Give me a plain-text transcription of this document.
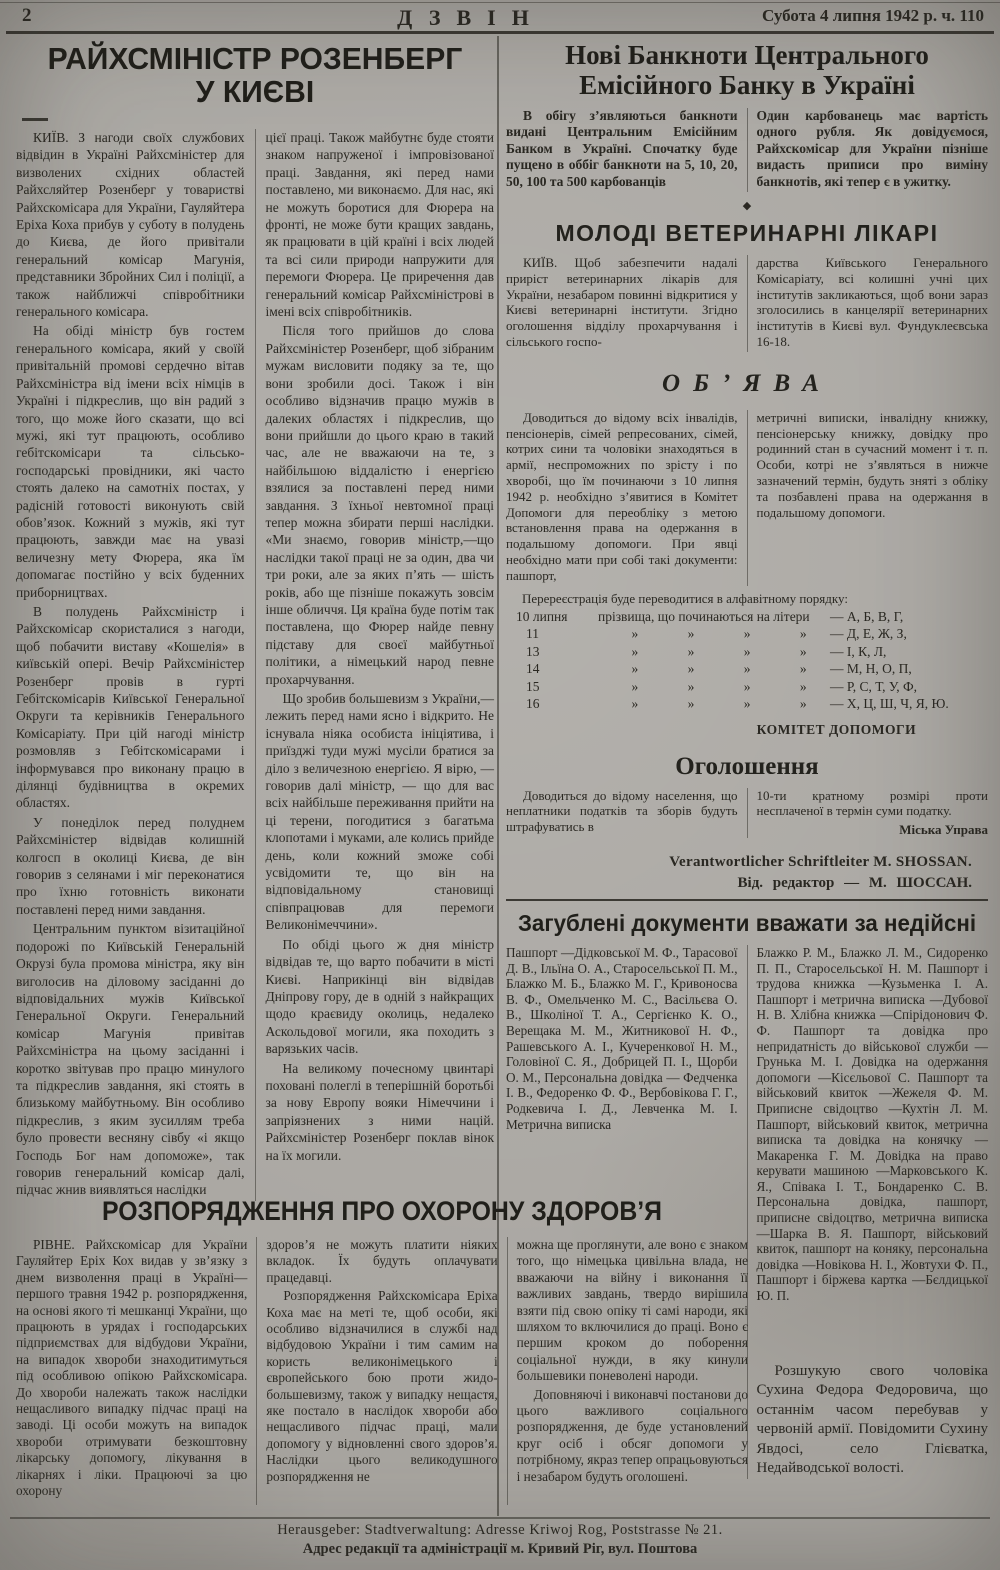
2	ДЗВІН	Субота 4 липня 1942 р. ч. 110
РАЙХСМІНІСТР РОЗЕНБЕРГ
У КИЄВІ

КИЇВ. З нагоди своїх службових відвідин в Україні Райхсміністер для визволених східних областей Райхсляйтер Розенберг у товаристві Райхскомісара для України, Гауляйтера Еріха Коха прибув у суботу в полудень до Києва, де його привітали генеральний комісар Магунія, представники Збройних Сил і поліції, а також найближчі співробітники генерального комісара.

На обіді міністр був гостем генерального комісара, який у своїй привітальній промові сердечно вітав Райхсміністра від імени всіх німців в Україні і підкреслив, що він радий з того, що може його сказати, що всі мужі, які тут працюють, особливо гебітскомісари та сільсько-господарські провідники, які часто стоять далеко на самотніх постах, у радісній готовості виконують свій обов’язок. Кожний з мужів, які тут працюють, завжди має на увазі величезну мету Фюрера, яка їм допомагає постійно у всіх буденних приборництвах.

В полудень Райхсміністр і Райхскомісар скористалися з нагоди, щоб побачити виставу «Кошелія» в київській опері. Вечір Райхсміністер Розенберг провів в гурті Гебітскомісарів Київської Генеральної Округи та керівників Генерального Комісаріату. При цій нагоді міністр розмовляв з Гебітскомісарами і інформувався про виконану працю в ділянці будівництва в окремих областях.

У понеділок перед полуднем Райхсміністер відвідав колишній колгосп в околиці Києва, де він говорив з селянами і міг переконатися про їхню готовність виконати поставлені перед ними завдання.

Центральним пунктом візитаційної подорожі по Київській Генеральній Окрузі була промова міністра, яку він виголосив на діловому засіданні до відповідальних мужів Київської Генеральної Округи. Генеральний комісар Магунія привітав Райхсміністра на цьому засіданні і коротко звітував про працю минулого та підкреслив завдання, які стоять в близькому майбутньому. Він особливо підкреслив, з яким зусиллям треба було провести весняну сівбу «і якщо Господь Бог нам допоможе», так говорив генеральний комісар далі, підчас жнив виявляться наслідки

цієї праці. Також майбутнє буде стояти знаком напруженої і імпровізованої праці. Завдання, які перед нами поставлено, ми виконаємо. Для нас, які не можуть боротися для Фюрера на фронті, не може бути кращих завдань, як працювати в цій країні і всіх людей та всі сили природи напружити для перемоги Фюрера. Це приречення дав генеральний комісар Райхсміністрові в імені всіх співробітників.

Після того прийшов до слова Райхсміністер Розенберг, щоб зібраним мужам висловити подяку за те, що вони зробили досі. Також і він особливо відзначив працю мужів в далеких областях і підкреслив, що вони прийшли до цього краю в такий час, але не вважаючи на те, з найбільшою віддалістю і енергією взялися за поставлені перед ними завдання. З їхньої невтомної праці тепер можна збирати перші наслідки. «Ми знаємо, говорив міністр,—що наслідки такої праці не за один, два чи три роки, але за яких п’ять — шість років, або ще пізніше покажуть зовсім інше обличчя. Ця країна буде потім так поставлена, що Фюрер найде певну підставу для своєї майбутньої політики, а німецький народ певне прохарчування.

Що зробив большевизм з України,—лежить перед нами ясно і відкрито. Не існувала ніяка особиста ініціятива, і приїзджі туди мужі мусіли братися за діло з величезною енергією. Я вірю, — говорив далі міністр, — що для вас всіх найбільше переживання прийти на ці терени, погодитися з багатьма клопотами і муками, але колись прийде день, коли кожний зможе собі усвідомити те, що він на відповідальному становищі співпрацював для перемоги Великонімеччини».

По обіді цього ж дня міністр відвідав те, що варто побачити в місті Києві. Наприкінці він відвідав Дніпрову гору, де в одній з найкращих щодо краєвиду околиць, недалеко Аскольдової могили, яка походить з варязьких часів.

На великому почесному цвинтарі поховані полеглі в теперішній боротьбі за нову Европу вояки Німеччини і запріязнених з ними націй. Райхсміністер Розенберг поклав вінок на їх могили.

Нові Банкноти Центрального
Емісійного Банку в Україні

В обігу з’являються банкноти видані Центральним Емісійним Банком в Україні. Спочатку буде пущено в оббіг банкноти на 5, 10, 20, 50, 100 та 500 карбованців

Один карбованець має вартість одного рубля. Як довідуємося, Райхскомісар для України пізніше видасть приписи про виміну банкнотів, які тепер є в ужитку.

◆
МОЛОДІ ВЕТЕРИНАРНІ ЛІКАРІ

КИЇВ. Щоб забезпечити надалі приріст ветеринарних лікарів для України, незабаром повинні відкритися у Києві ветеринарні інститути. Згідно оголошення відділу прохарчування і сільського госпо-

дарства Київського Генерального Комісаріату, всі колишні учні цих інститутів закликаються, щоб вони зараз зголосились в канцелярії ветеринарних інститутів в Києві вул. Фундуклеєвська 16-18.

ОБ’ЯВА

Доводиться до відому всіх інвалідів, пенсіонерів, сімей репресованих, сімей, котрих сини та чоловіки знаходяться в армії, неспроможних по зрісту і по хворобі, що їм починаючи з 10 липня 1942 р. необхідно з’явитися в Комітет Допомоги для переобліку з метою встановлення права на одержання в подальшому допомоги. При явці необхідно мати при собі такі документи: пашпорт,

метричні виписки, інвалідну книжку, пенсіонерську книжку, довідку про родинний стан в сучасний момент і т. п. Особи, котрі не з’являться в нижче зазначений термін, будуть зняті з обліку та позбавлені права на одержання в подальшому допомоги.

Перереєстрація буде переводитися в алфавітному порядку:
10 липня	прізвища, що починаються на літери	— А, Б, В, Г,
11	» » » »	— Д, Е, Ж, З,
13	» » » »	— І, К, Л,
14	» » » »	— М, Н, О, П,
15	» » » »	— Р, С, Т, У, Ф,
16	» » » »	— Х, Ц, Ш, Ч, Я, Ю.
КОМІТЕТ ДОПОМОГИ
Оголошення

Доводиться до відому населення, що неплатники податків та зборів будуть штрафуватись в

10-ти кратному розмірі проти несплаченої в термін суми податку.

Міська Управа
Verantwortlicher Schriftleiter M. SHOSSAN.
Від. редактор — М. ШОССАН.
Загублені документи вважати за недійсні

Пашпорт —Дідковської М. Ф., Тарасової Д. В., Ільїна О. А., Старосельської П. М., Блажко М. Б., Блажко М. Г., Кривоносва В. Ф., Омельченко М. С., Васільєва О. В., Школіної Т. А., Сергієнко К. О., Верещака М. М., Житникової Н. Ф., Рашевського А. І., Кучеренкової Н. М., Головіної С. Я., Добрицей П. І., Щорби О. М., Персональна довідка — Федченка І. В., Федоренко Ф. Ф., Вербовікова Г. Г., Родкевича І. Д., Левченка М. І. Метрична виписка

Блажко Р. М., Блажко Л. М., Сидоренко П. П., Старосельської Н. М. Пашпорт і трудова книжка —Кузьменка І. А. Пашпорт і метрична виписка —Дубової Н. В. Хлібна книжка —Спірідонович Ф. Ф. Пашпорт та довідка про непридатність до військової служби —Грунька М. І. Довідка на одержання допомоги —Кісєльової С. Пашпорт та військовий квиток —Жежеля Ф. М. Приписне свідоцтво —Кухтін Л. М. Пашпорт, військовий квиток, метрична виписка та довідка на конячку —Макаренка Г. М. Довідка на право керувати машиною —Марковського К. Я., Співака І. Т., Бондаренко С. В. Персональна довідка, пашпорт, приписне свідоцтво, метрична виписка —Шарка В. Я. Пашпорт, військовий квиток, пашпорт на коняку, персональна довідка —Новікова Н. І., Жовтухи Ф. П., Пашпорт і біржева картка —Бєлдицької Ю. П.

Розшукую свого чоловіка Сухина Федора Федоровича, що останнім часом перебував у червоній армії. Повідомити Сухину Явдосі, село Глієватка, Недайводської волості.
РОЗПОРЯДЖЕННЯ ПРО ОХОРОНУ ЗДОРОВ’Я

РІВНЕ. Райхскомісар для України Гауляйтер Еріх Кох видав у зв’язку з днем визволення праці в Україні—першого травня 1942 р. розпорядження, на основі якого ті мешканці України, що працюють в урядах і господарських підприємствах для відбудови України, на випадок хвороби знаходитимуться під особливою опікою Райхскомісара. До хвороби належать також наслідки нещасливого випадку підчас праці на заводі. Ці особи можуть на випадок хвороби отримувати безкоштовну лікарську допомогу, лікування в лікарнях і ліки. Працюючі за цю охорону

здоров’я не можуть платити ніяких вкладок. Їх будуть оплачувати працедавці.

Розпорядження Райхскомісара Еріха Коха має на меті те, щоб особи, які особливо відзначилися в службі над відбудовою України і тим самим на користь великонімецького і європейського бою проти жидо-большевизму, також у випадку нещастя, яке постало в наслідок хвороби або нещасливого підчас праці, мали допомогу у відновленні свого здоров’я. Наслідки цього великодушного розпорядження не

можна ще проглянути, але воно є знаком того, що німецька цивільна влада, не вважаючи на війну і виконання її важливих завдань, твердо вирішила взяти під свою опіку ті самі народи, які шляхом то включилися до праці. Воно є першим кроком до поборення соціальної нужди, в яку кинули большевики поневолені народи.

Доповняючі і виконавчі постанови до цього важливого соціального розпорядження, де буде установлений круг осіб і обсяг допомоги у потрібному, якраз тепер опрацьовуються і незабаром будуть оголошені.

Herausgeber: Stadtverwaltung: Adresse Kriwoj Rog, Poststrasse № 21.
Адрес редакції та адміністрації м. Кривий Ріг, вул. Поштова
